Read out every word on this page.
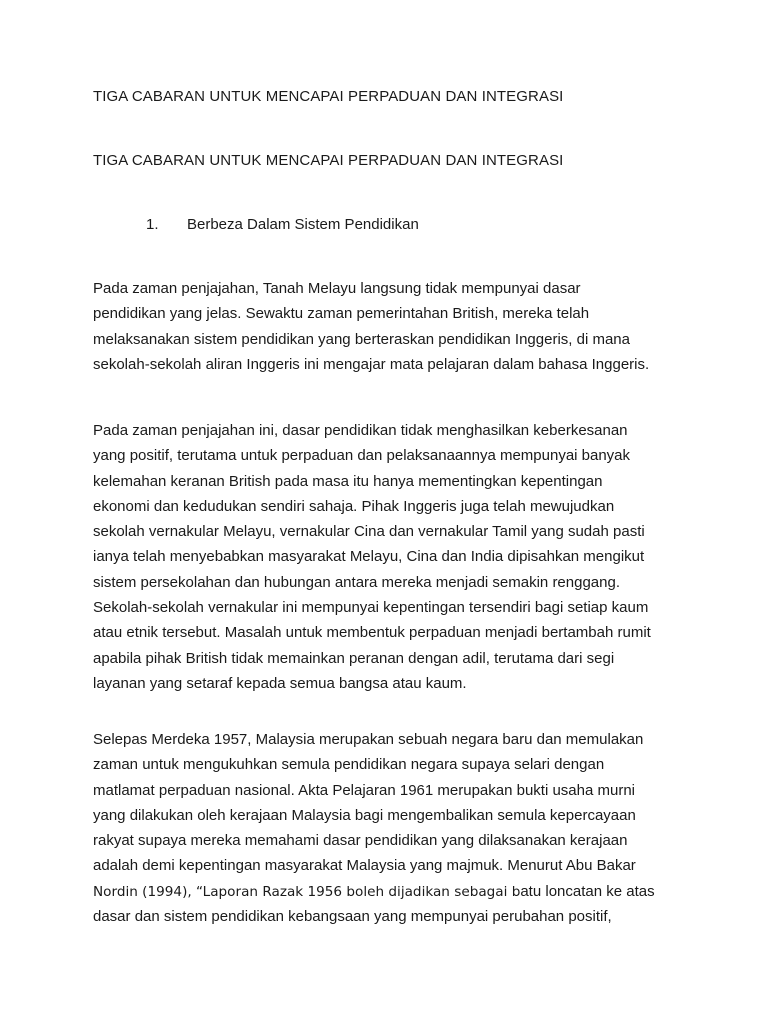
TIGA CABARAN UNTUK MENCAPAI PERPADUAN DAN INTEGRASI
TIGA CABARAN UNTUK MENCAPAI PERPADUAN DAN INTEGRASI
1. Berbeza Dalam Sistem Pendidikan
Pada zaman penjajahan, Tanah Melayu langsung tidak mempunyai dasar
pendidikan yang jelas. Sewaktu zaman pemerintahan British, mereka telah
melaksanakan sistem pendidikan yang berteraskan pendidikan Inggeris, di mana
sekolah-sekolah aliran Inggeris ini mengajar mata pelajaran dalam bahasa Inggeris.
Pada zaman penjajahan ini, dasar pendidikan tidak menghasilkan keberkesanan
yang positif, terutama untuk perpaduan dan pelaksanaannya mempunyai banyak
kelemahan keranan British pada masa itu hanya mementingkan kepentingan
ekonomi dan kedudukan sendiri sahaja. Pihak Inggeris juga telah mewujudkan
sekolah vernakular Melayu, vernakular Cina dan vernakular Tamil yang sudah pasti
ianya telah menyebabkan masyarakat Melayu, Cina dan India dipisahkan mengikut
sistem persekolahan dan hubungan antara mereka menjadi semakin renggang.
Sekolah-sekolah vernakular ini mempunyai kepentingan tersendiri bagi setiap kaum
atau etnik tersebut. Masalah untuk membentuk perpaduan menjadi bertambah rumit
apabila pihak British tidak memainkan peranan dengan adil, terutama dari segi
layanan yang setaraf kepada semua bangsa atau kaum.
Selepas Merdeka 1957, Malaysia merupakan sebuah negara baru dan memulakan
zaman untuk mengukuhkan semula pendidikan negara supaya selari dengan
matlamat perpaduan nasional. Akta Pelajaran 1961 merupakan bukti usaha murni
yang dilakukan oleh kerajaan Malaysia bagi mengembalikan semula kepercayaan
rakyat supaya mereka memahami dasar pendidikan yang dilaksanakan kerajaan
adalah demi kepentingan masyarakat Malaysia yang majmuk. Menurut Abu Bakar
Nordin (1994), “Laporan Razak 1956 boleh dijadikan sebagai batu loncatan ke atas
dasar dan sistem pendidikan kebangsaan yang mempunyai perubahan positif,
